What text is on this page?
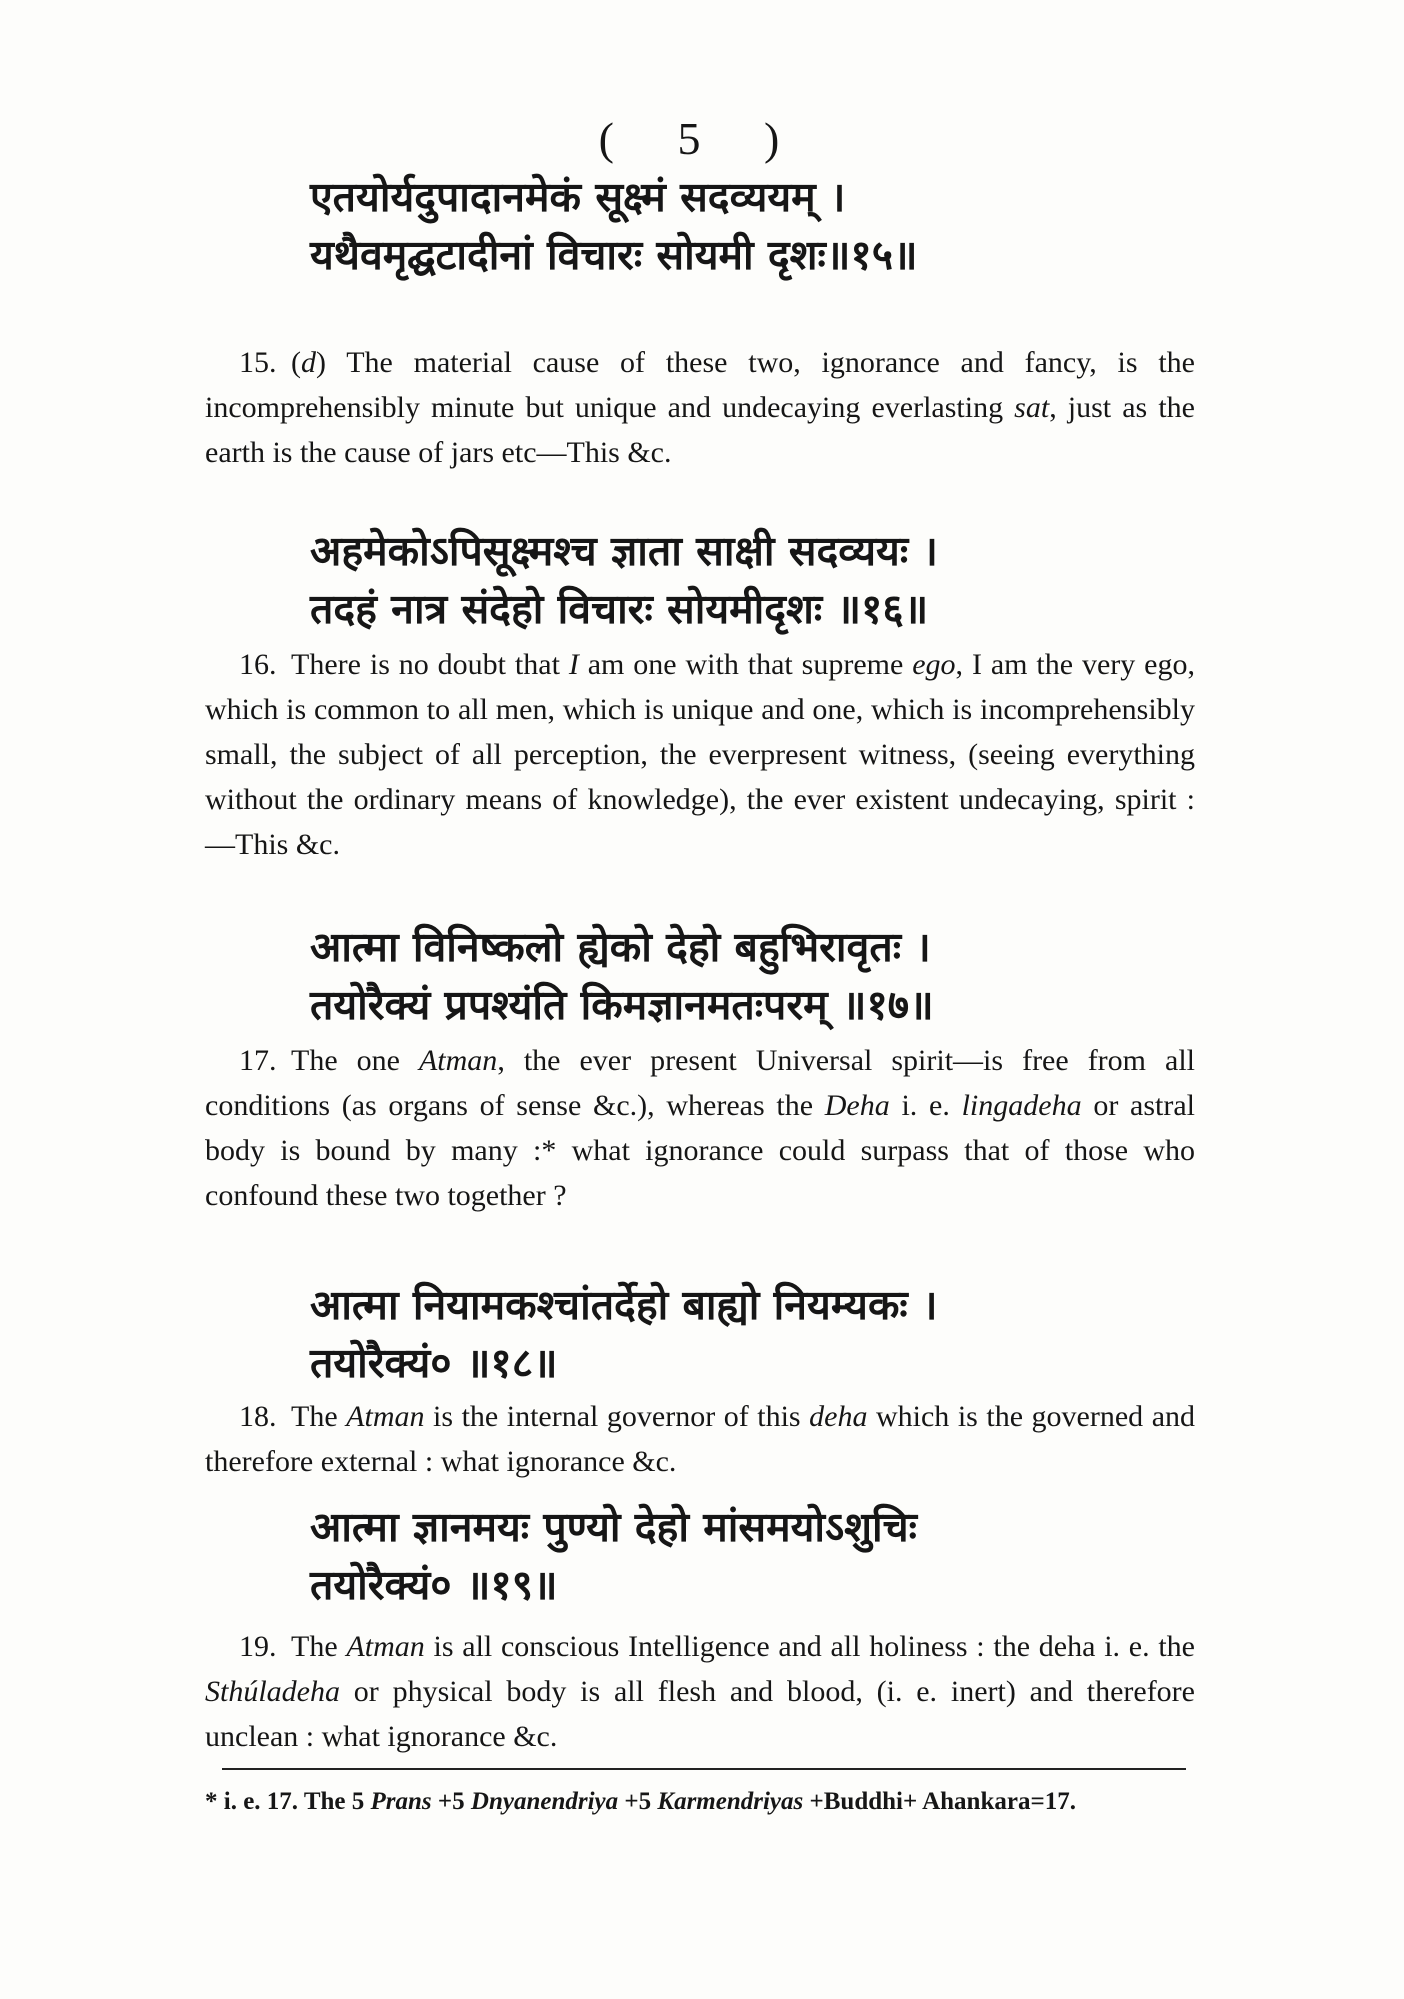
( 5 )
एतयोर्यदुपादानमेकं सूक्ष्मं सदव्ययम् ।
यथैवमृद्घटादीनां विचारः सोयमी दृशः॥१५॥
15. (d) The material cause of these two, ignorance and fancy, is the incomprehensibly minute but unique and undecaying everlasting sat, just as the earth is the cause of jars etc—This &c.
अहमेकोऽपिसूक्ष्मश्च ज्ञाता साक्षी सदव्ययः ।
तदहं नात्र संदेहो विचारः सोयमीदृशः ॥१६॥
16. There is no doubt that I am one with that supreme ego, I am the very ego, which is common to all men, which is unique and one, which is incomprehensibly small, the subject of all perception, the everpresent witness, (seeing everything without the ordinary means of knowledge), the ever existent undecaying, spirit :—This &c.
आत्मा विनिष्कलो ह्येको देहो बहुभिरावृतः ।
तयोरैक्यं प्रपश्यंति किमज्ञानमतःपरम् ॥१७॥
17. The one Atman, the ever present Universal spirit—is free from all conditions (as organs of sense &c.), whereas the Deha i. e. lingadeha or astral body is bound by many :* what ignorance could surpass that of those who confound these two together ?
आत्मा नियामकश्चांतर्देहो बाह्यो नियम्यकः ।
तयोरैक्यं० ॥१८॥
18. The Atman is the internal governor of this deha which is the governed and therefore external : what ignorance &c.
आत्मा ज्ञानमयः पुण्यो देहो मांसमयोऽशुचिः
तयोरैक्यं० ॥१९॥
19. The Atman is all conscious Intelligence and all holiness : the deha i. e. the Sthúladeha or physical body is all flesh and blood, (i. e. inert) and therefore unclean : what ignorance &c.
* i. e. 17. The 5 Prans +5 Dnyanendriya +5 Karmendriyas +Buddhi+ Ahankara=17.
